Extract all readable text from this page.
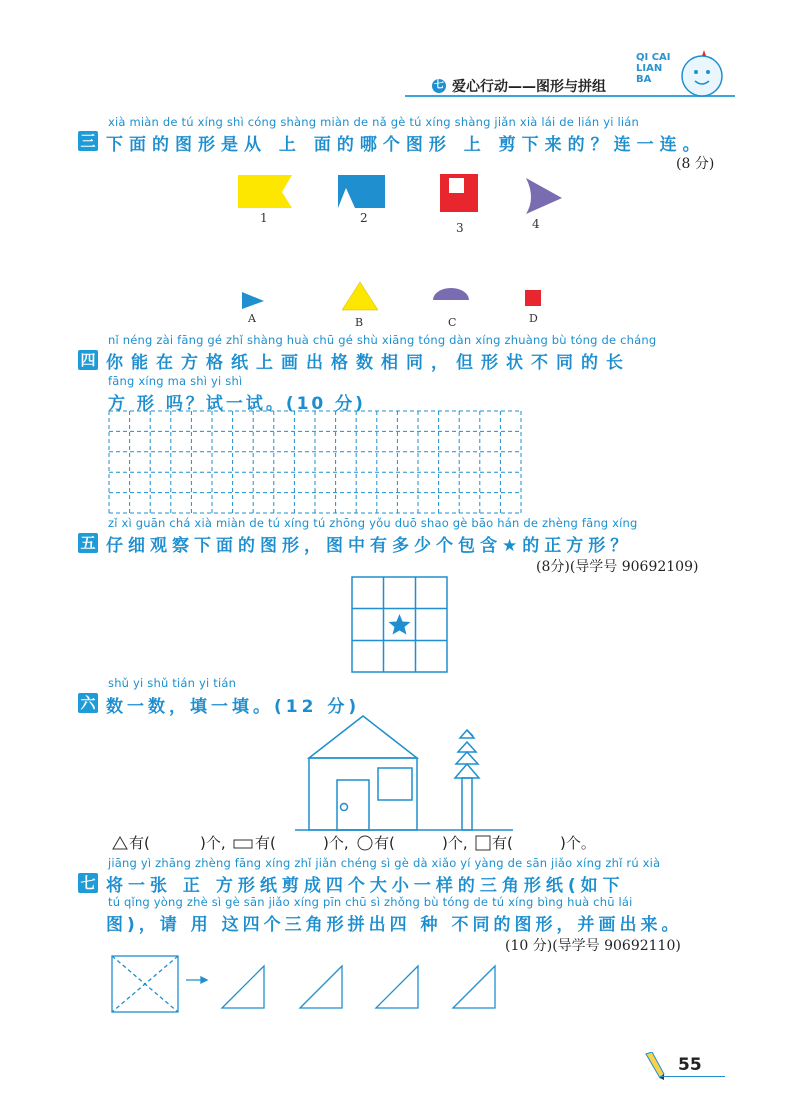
七 爱心行动——图形与拼组
QI CAI LIAN BA
xià miàn de tú xíng shì cóng shàng miàn de nǎ gè tú xíng shàng jiǎn xià lái de lián yi lián
三 下面的图形是从 上 面的哪个图形 上 剪下来的？连一连。
(8 分)
1	2
3	4
A	B	C	D
nǐ néng zài fāng gé zhǐ shàng huà chū gé shù xiāng tóng dàn xíng zhuàng bù tóng de cháng
四 你能在方格纸上画出格数相同，但形状不同的长
fāng xíng ma shì yi shì
方 形 吗？试一试。(10 分)
zǐ xì guān chá xià miàn de tú xíng tú zhōng yǒu duō shao gè bāo hán de zhèng fāng xíng
五 仔细观察下面的图形，图中有多少个包含★的正方形？
(8分)(导学号 90692109)
shǔ yi shǔ tián yi tián
六 数一数，填一填。(12 分)
有(	)个, 有(	)个, 有(	)个, 有(	)个。
jiāng yì zhāng zhèng fāng xíng zhǐ jiǎn chéng sì gè dà xiǎo yí yàng de sān jiǎo xíng zhǐ rú xià
七 将一张 正 方形纸剪成四个大小一样的三角形纸(如下
tú qǐng yòng zhè sì gè sān jiǎo xíng pīn chū sì zhǒng bù tóng de tú xíng bìng huà chū lái
图)，请 用 这四个三角形拼出四 种 不同的图形，并画出来。
(10 分)(导学号 90692110)
55
